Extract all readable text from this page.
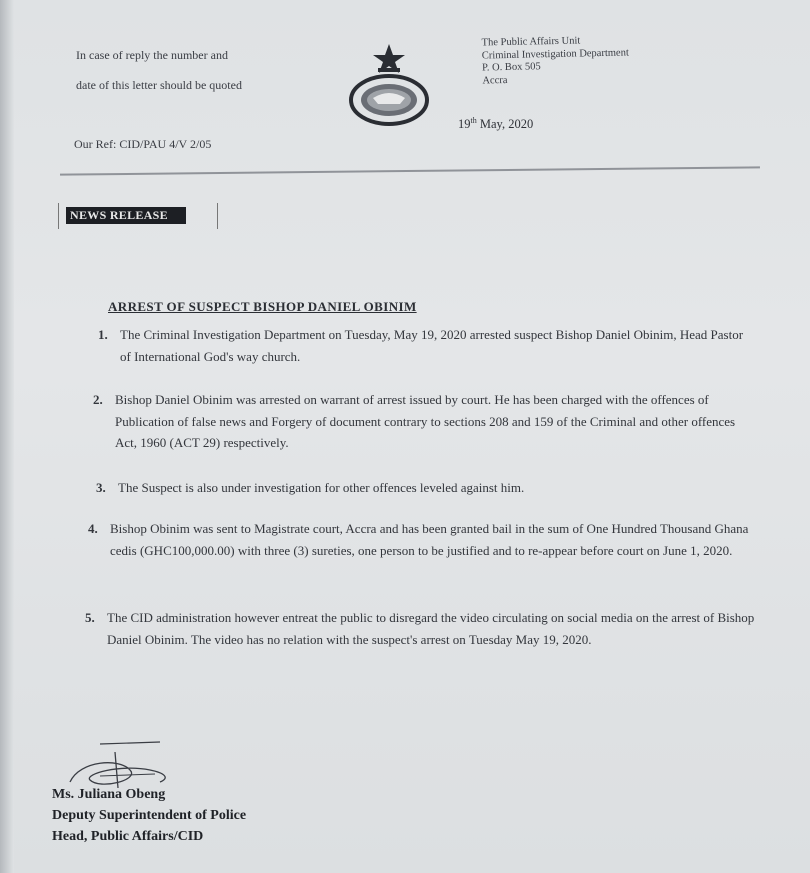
In case of reply the number and
date of this letter should be quoted
The Public Affairs Unit
Criminal Investigation Department
P. O. Box 505
Accra
19th May, 2020
Our Ref: CID/PAU 4/V 2/05
NEWS RELEASE
ARREST OF SUSPECT BISHOP DANIEL OBINIM
1. The Criminal Investigation Department on Tuesday, May 19, 2020 arrested suspect Bishop Daniel Obinim, Head Pastor of International God's way church.
2. Bishop Daniel Obinim was arrested on warrant of arrest issued by court. He has been charged with the offences of Publication of false news and Forgery of document contrary to sections 208 and 159 of the Criminal and other offences Act, 1960 (ACT 29) respectively.
3. The Suspect is also under investigation for other offences leveled against him.
4. Bishop Obinim was sent to Magistrate court, Accra and has been granted bail in the sum of One Hundred Thousand Ghana cedis (GHC100,000.00) with three (3) sureties, one person to be justified and to re-appear before court on June 1, 2020.
5. The CID administration however entreat the public to disregard the video circulating on social media on the arrest of Bishop Daniel Obinim. The video has no relation with the suspect's arrest on Tuesday May 19, 2020.
Ms. Juliana Obeng
Deputy Superintendent of Police
Head, Public Affairs/CID
